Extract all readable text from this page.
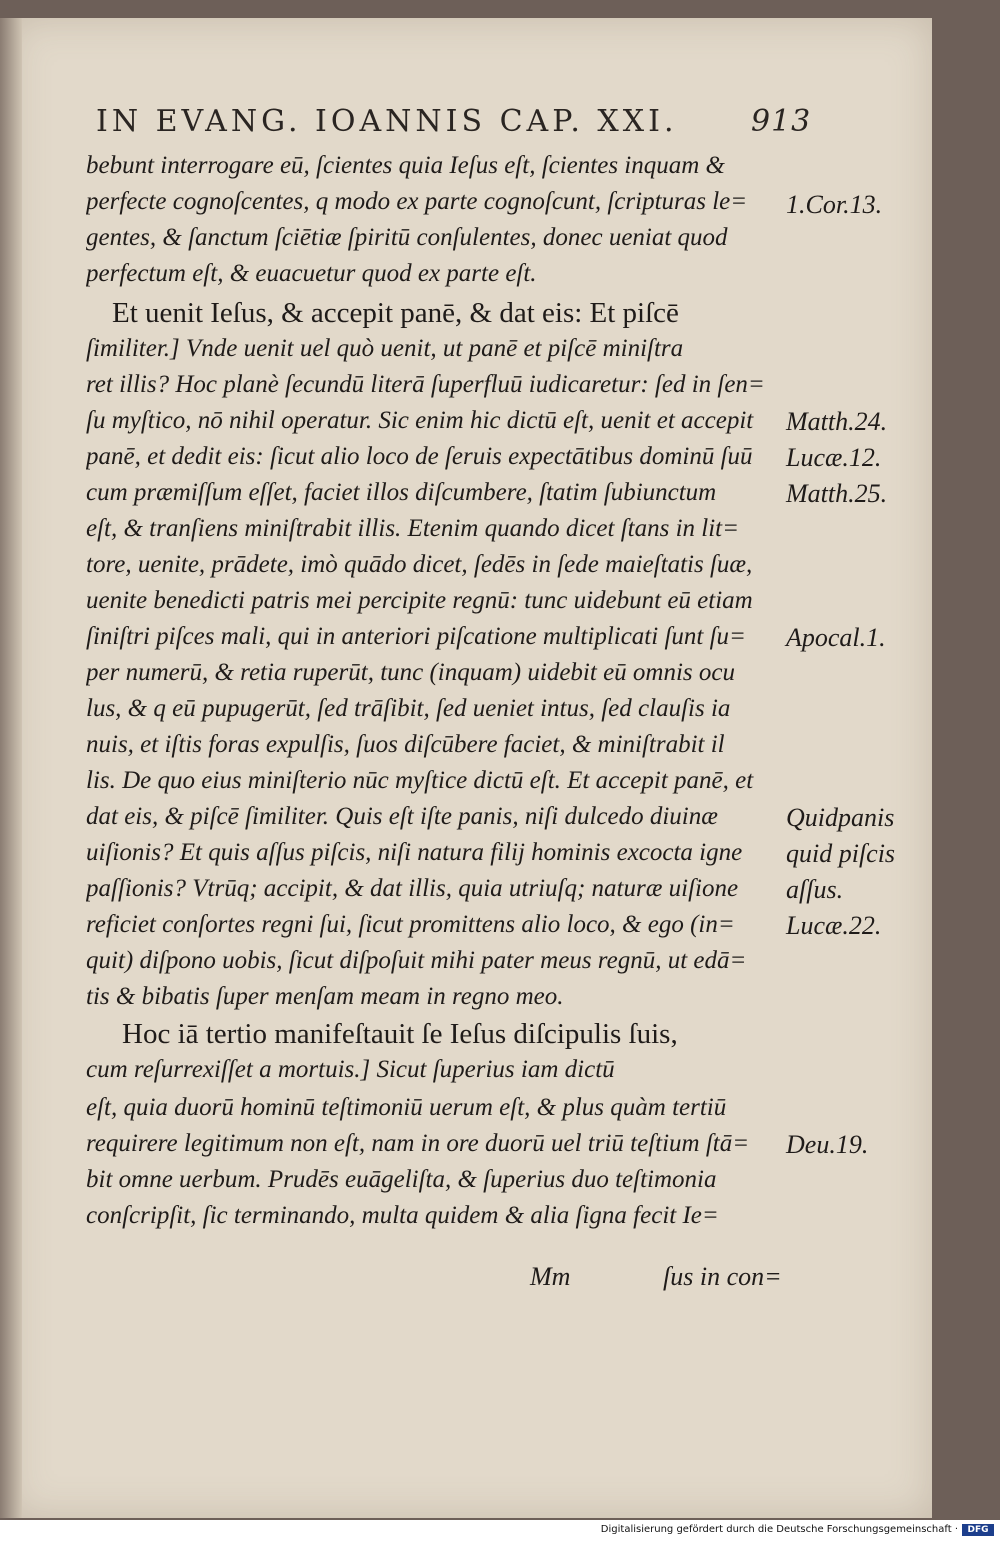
IN EVANG. IOANNIS CAP. XXI. 913
bebunt interrogare eū, ſcientes quia Ieſus eſt, ſcientes inquam &
perfecte cognoſcentes, q modo ex parte cognoſcunt, ſcripturas le=
gentes, & ſanctum ſciētiæ ſpiritū conſulentes, donec ueniat quod
perfectum eſt, & euacuetur quod ex parte eſt.
Et uenit Ieſus, & accepit panē, & dat eis: Et piſcē
ſimiliter.] Vnde uenit uel quò uenit, ut panē et piſcē miniſtra
ret illis? Hoc planè ſecundū literā ſuperfluū iudicaretur: ſed in ſen=
ſu myſtico, nō nihil operatur. Sic enim hic dictū eſt, uenit et accepit
panē, et dedit eis: ſicut alio loco de ſeruis expectātibus dominū ſuū
cum præmiſſum eſſet, faciet illos diſcumbere, ſtatim ſubiunctum
eſt, & tranſiens miniſtrabit illis. Etenim quando dicet ſtans in lit=
tore, uenite, prādete, imò quādo dicet, ſedēs in ſede maieſtatis ſuæ,
uenite benedicti patris mei percipite regnū: tunc uidebunt eū etiam
ſiniſtri piſces mali, qui in anteriori piſcatione multiplicati ſunt ſu=
per numerū, & retia ruperūt, tunc (inquam) uidebit eū omnis ocu
lus, & q eū pupugerūt, ſed trāſibit, ſed ueniet intus, ſed clauſis ia
nuis, et iſtis foras expulſis, ſuos diſcūbere faciet, & miniſtrabit il
lis. De quo eius miniſterio nūc myſtice dictū eſt. Et accepit panē, et
dat eis, & piſcē ſimiliter. Quis eſt iſte panis, niſi dulcedo diuinæ
uiſionis? Et quis aſſus piſcis, niſi natura filij hominis excocta igne
paſſionis? Vtrūq; accipit, & dat illis, quia utriuſq; naturæ uiſione
reficiet conſortes regni ſui, ſicut promittens alio loco, & ego (in=
quit) diſpono uobis, ſicut diſpoſuit mihi pater meus regnū, ut edā=
tis & bibatis ſuper menſam meam in regno meo.
Hoc iā tertio manifeſtauit ſe Ieſus diſcipulis ſuis,
cum reſurrexiſſet a mortuis.] Sicut ſuperius iam dictū
eſt, quia duorū hominū teſtimoniū uerum eſt, & plus quàm tertiū
requirere legitimum non eſt, nam in ore duorū uel triū teſtium ſtā=
bit omne uerbum. Prudēs euāgeliſta, & ſuperius duo teſtimonia
conſcripſit, ſic terminando, multa quidem & alia ſigna fecit Ie=
Mm	ſus in con=
1.Cor.13.
Matth.24.
Lucæ.12.
Matth.25.
Apocal.1.
Quidpanis
quid piſcis
aſſus.
Lucæ.22.
Deu.19.
Digitalisierung gefördert durch die Deutsche Forschungsgemeinschaft ·	DFG
